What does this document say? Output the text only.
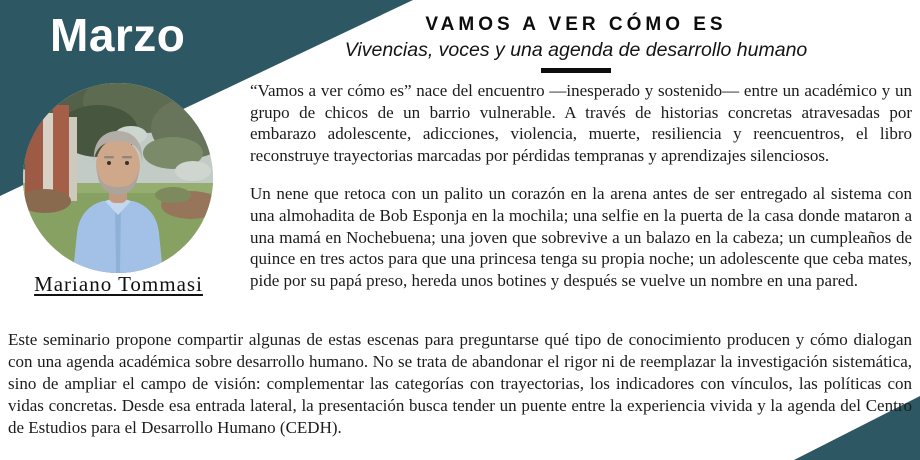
Marzo
Mariano Tommasi
VAMOS A VER CÓMO ES
Vivencias, voces y una agenda de desarrollo humano

“Vamos a ver cómo es” nace del encuentro —inesperado y sostenido— entre un académico y un grupo de chicos de un barrio vulnerable. A través de historias concretas atravesadas por embarazo adolescente, adicciones, violencia, muerte, resiliencia y reencuentros, el libro reconstruye trayectorias marcadas por pérdidas tempranas y aprendizajes silenciosos.

Un nene que retoca con un palito un corazón en la arena antes de ser entregado al sistema con una almohadita de Bob Esponja en la mochila; una selfie en la puerta de la casa donde mataron a una mamá en Nochebuena; una joven que sobrevive a un balazo en la cabeza; un cumpleaños de quince en tres actos para que una princesa tenga su propia noche; un adolescente que ceba mates, pide por su papá preso, hereda unos botines y después se vuelve un nombre en una pared.

Este seminario propone compartir algunas de estas escenas para preguntarse qué tipo de conocimiento producen y cómo dialogan con una agenda académica sobre desarrollo humano. No se trata de abandonar el rigor ni de reemplazar la investigación sistemática, sino de ampliar el campo de visión: complementar las categorías con trayectorias, los indicadores con vínculos, las políticas con vidas concretas. Desde esa entrada lateral, la presentación busca tender un puente entre la experiencia vivida y la agenda del Centro de Estudios para el Desarrollo Humano (CEDH).
